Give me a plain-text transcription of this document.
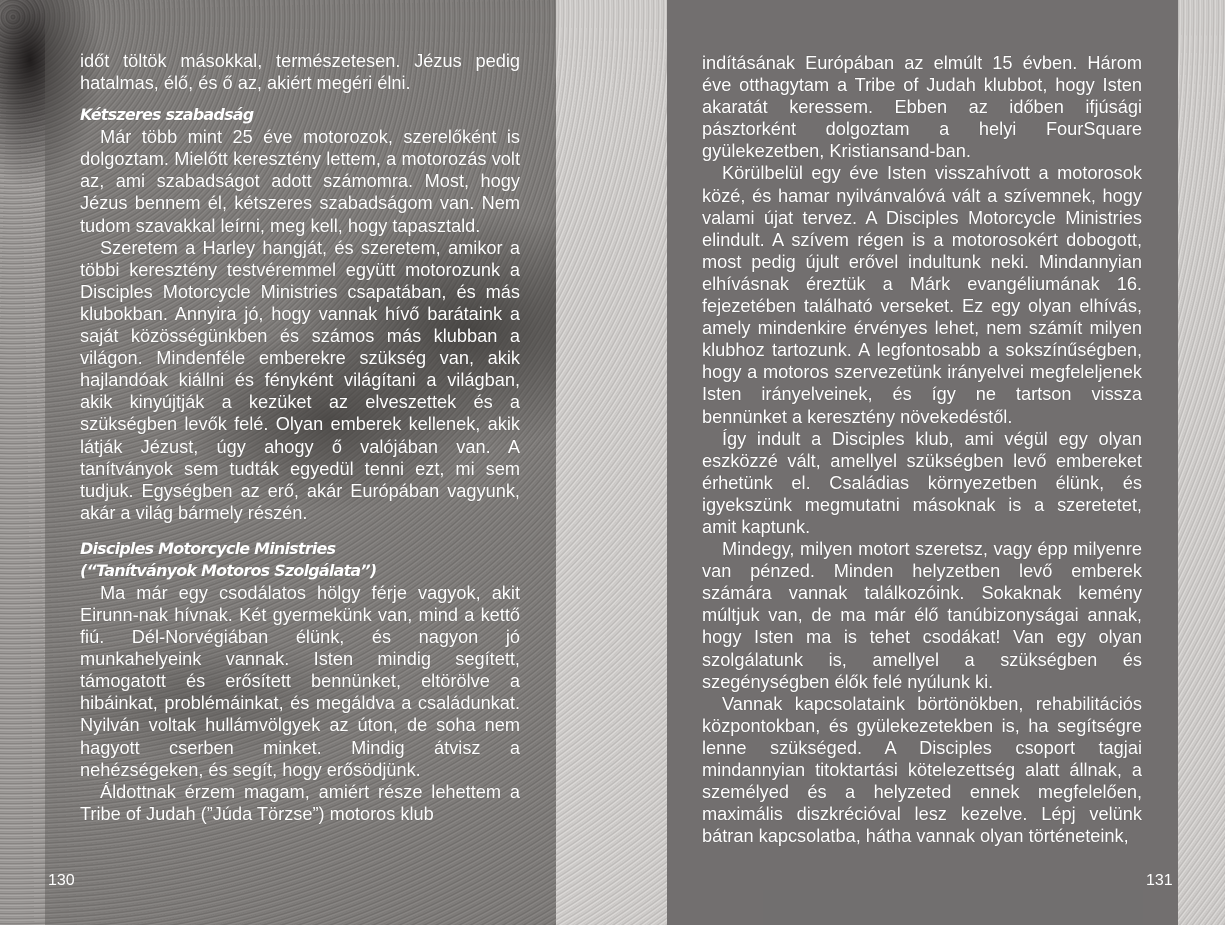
időt töltök másokkal, természetesen. Jézus pedig hatalmas, élő, és ő az, akiért megéri élni.

Kétszeres szabadság

Már több mint 25 éve motorozok, szerelőként is dolgoztam. Mielőtt keresztény lettem, a motorozás volt az, ami szabadságot adott számomra. Most, hogy Jézus bennem él, kétszeres szabadságom van. Nem tudom szavakkal leírni, meg kell, hogy tapasztald.

Szeretem a Harley hangját, és szeretem, amikor a többi keresztény testvéremmel együtt motorozunk a Disciples Motorcycle Ministries csapatában, és más klubokban. Annyira jó, hogy vannak hívő barátaink a saját közösségünkben és számos más klubban a világon. Mindenféle emberekre szükség van, akik hajlandóak kiállni és fényként világítani a világban, akik kinyújtják a kezüket az elveszettek és a szükségben levők felé. Olyan emberek kellenek, akik látják Jézust, úgy ahogy ő valójában van. A tanítványok sem tudták egyedül tenni ezt, mi sem tudjuk. Egységben az erő, akár Európában vagyunk, akár a világ bármely részén.

Disciples Motorcycle Ministries
(“Tanítványok Motoros Szolgálata”)

Ma már egy csodálatos hölgy férje vagyok, akit Eirunn-nak hívnak. Két gyermekünk van, mind a kettő fiú. Dél-Norvégiában élünk, és nagyon jó munkahelyeink vannak. Isten mindig segített, támogatott és erősített bennünket, eltörölve a hibáinkat, problémáinkat, és megáldva a családunkat. Nyilván voltak hullámvölgyek az úton, de soha nem hagyott cserben minket. Mindig átvisz a nehézségeken, és segít, hogy erősödjünk.

Áldottnak érzem magam, amiért része lehettem a Tribe of Judah (”Júda Törzse”) motoros klub

130

indításának Európában az elmúlt 15 évben. Három éve otthagytam a Tribe of Judah klubbot, hogy Isten akaratát keressem. Ebben az időben ifjúsági pásztorként dolgoztam a helyi FourSquare gyülekezetben, Kristiansand-ban.

Körülbelül egy éve Isten visszahívott a motorosok közé, és hamar nyilvánvalóvá vált a szívemnek, hogy valami újat tervez. A Disciples Motorcycle Ministries elindult. A szívem régen is a motorosokért dobogott, most pedig újult erővel indultunk neki. Mindannyian elhívásnak éreztük a Márk evangéliumának 16. fejezetében található verseket. Ez egy olyan elhívás, amely mindenkire érvényes lehet, nem számít milyen klubhoz tartozunk. A legfontosabb a sokszínűségben, hogy a motoros szervezetünk irányelvei megfeleljenek Isten irányelveinek, és így ne tartson vissza bennünket a keresztény növekedéstől.

Így indult a Disciples klub, ami végül egy olyan eszközzé vált, amellyel szükségben levő embereket érhetünk el. Családias környezetben élünk, és igyekszünk megmutatni másoknak is a szeretetet, amit kaptunk.

Mindegy, milyen motort szeretsz, vagy épp milyenre van pénzed. Minden helyzetben levő emberek számára vannak találkozóink. Sokaknak kemény múltjuk van, de ma már élő tanúbizonyságai annak, hogy Isten ma is tehet csodákat! Van egy olyan szolgálatunk is, amellyel a szükségben és szegénységben élők felé nyúlunk ki.

Vannak kapcsolataink börtönökben, rehabilitációs központokban, és gyülekezetekben is, ha segítségre lenne szükséged. A Disciples csoport tagjai mindannyian titoktartási kötelezettség alatt állnak, a személyed és a helyzeted ennek megfelelően, maximális diszkrécióval lesz kezelve. Lépj velünk bátran kapcsolatba, hátha vannak olyan történeteink,

131
